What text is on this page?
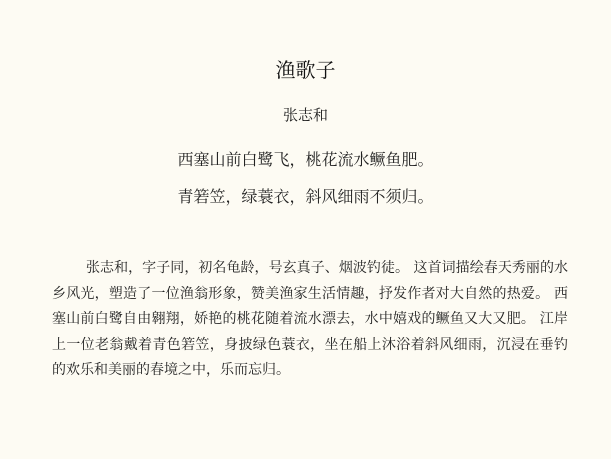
渔歌子
张志和
西塞山前白鹭飞，桃花流水鳜鱼肥。
青箬笠，绿蓑衣，斜风细雨不须归。

张志和，字子同，初名龟龄，号玄真子、烟波钓徒。 这首词描绘春天秀丽的水乡风光，塑造了一位渔翁形象，赞美渔家生活情趣，抒发作者对大自然的热爱。 西塞山前白鹭自由翱翔，娇艳的桃花随着流水漂去，水中嬉戏的鳜鱼又大又肥。 江岸上一位老翁戴着青色箬笠，身披绿色蓑衣，坐在船上沐浴着斜风细雨，沉浸在垂钓的欢乐和美丽的春境之中，乐而忘归。
